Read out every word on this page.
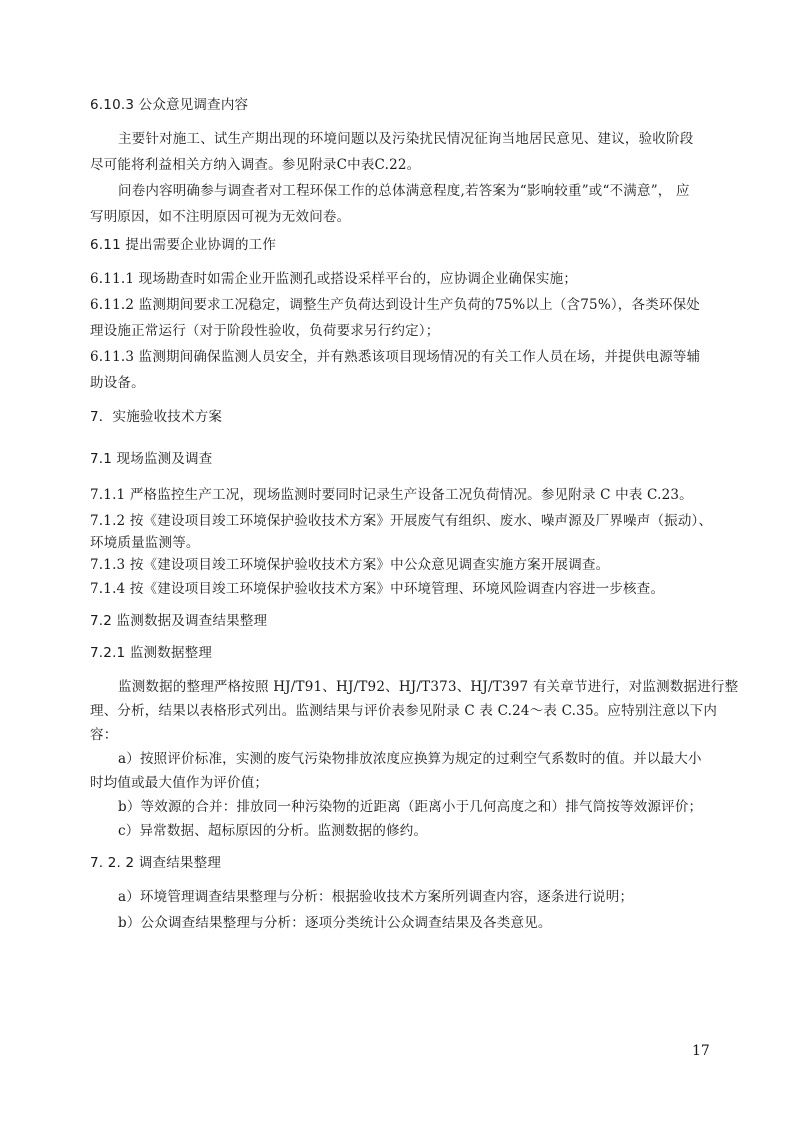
6.10.3 公众意见调查内容
主要针对施工、试生产期出现的环境问题以及污染扰民情况征询当地居民意见、建议，验收阶段
尽可能将利益相关方纳入调查。参见附录C中表C.22。
问卷内容明确参与调查者对工程环保工作的总体满意程度,若答案为“影响较重”或“不满意”， 应
写明原因，如不注明原因可视为无效问卷。
6.11 提出需要企业协调的工作
6.11.1 现场勘查时如需企业开监测孔或搭设采样平台的，应协调企业确保实施；
6.11.2 监测期间要求工况稳定，调整生产负荷达到设计生产负荷的75%以上（含75%），各类环保处
理设施正常运行（对于阶段性验收，负荷要求另行约定）；
6.11.3 监测期间确保监测人员安全，并有熟悉该项目现场情况的有关工作人员在场，并提供电源等辅
助设备。
7．实施验收技术方案
7.1 现场监测及调查
7.1.1 严格监控生产工况，现场监测时要同时记录生产设备工况负荷情况。参见附录 C 中表 C.23。
7.1.2 按《建设项目竣工环境保护验收技术方案》开展废气有组织、废水、噪声源及厂界噪声（振动）、
环境质量监测等。
7.1.3 按《建设项目竣工环境保护验收技术方案》中公众意见调查实施方案开展调查。
7.1.4 按《建设项目竣工环境保护验收技术方案》中环境管理、环境风险调查内容进一步核查。
7.2 监测数据及调查结果整理
7.2.1 监测数据整理
监测数据的整理严格按照 HJ/T91、HJ/T92、HJ/T373、HJ/T397 有关章节进行，对监测数据进行整
理、分析，结果以表格形式列出。监测结果与评价表参见附录 C 表 C.24～表 C.35。应特别注意以下内
容：
a）按照评价标准，实测的废气污染物排放浓度应换算为规定的过剩空气系数时的值。并以最大小
时均值或最大值作为评价值；
b）等效源的合并：排放同一种污染物的近距离（距离小于几何高度之和）排气筒按等效源评价；
c）异常数据、超标原因的分析。监测数据的修约。
7. 2. 2 调查结果整理
a）环境管理调查结果整理与分析：根据验收技术方案所列调查内容，逐条进行说明；
b）公众调查结果整理与分析：逐项分类统计公众调查结果及各类意见。
17
